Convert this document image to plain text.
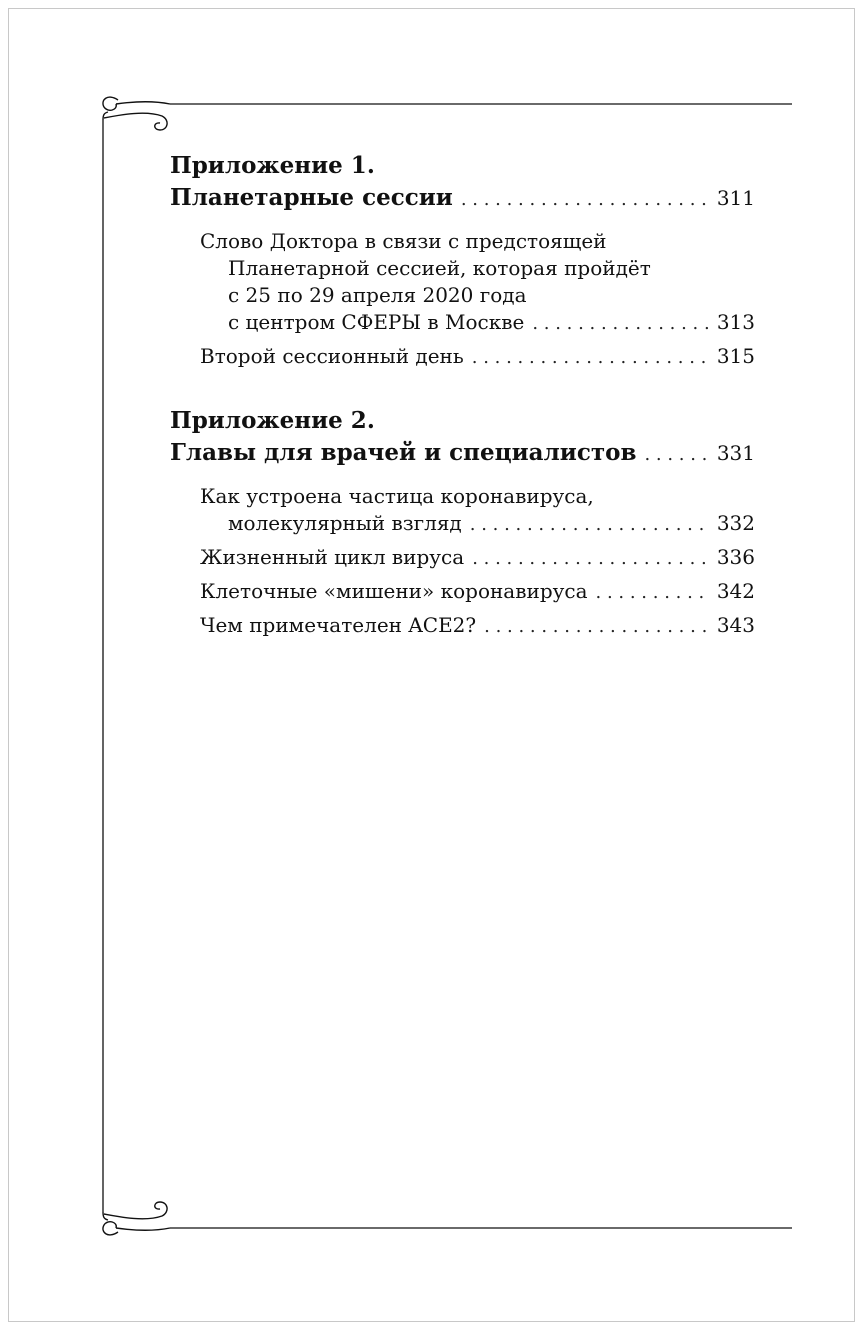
Приложение 1.
Планетарные сессии . . .	311
Слово Доктора в связи с предстоящей
Планетарной сессией, которая пройдёт
с 25 по 29 апреля 2020 года
с центром СФЕРЫ в Москве . . .	313
Второй сессионный день . . .	315
Приложение 2.
Главы для врачей и специалистов . . .	331
Как устроена частица коронавируса,
молекулярный взгляд . . .	332
Жизненный цикл вируса . . .	336
Клеточные «мишени» коронавируса . . .	342
Чем примечателен ACE2? . . .	343
